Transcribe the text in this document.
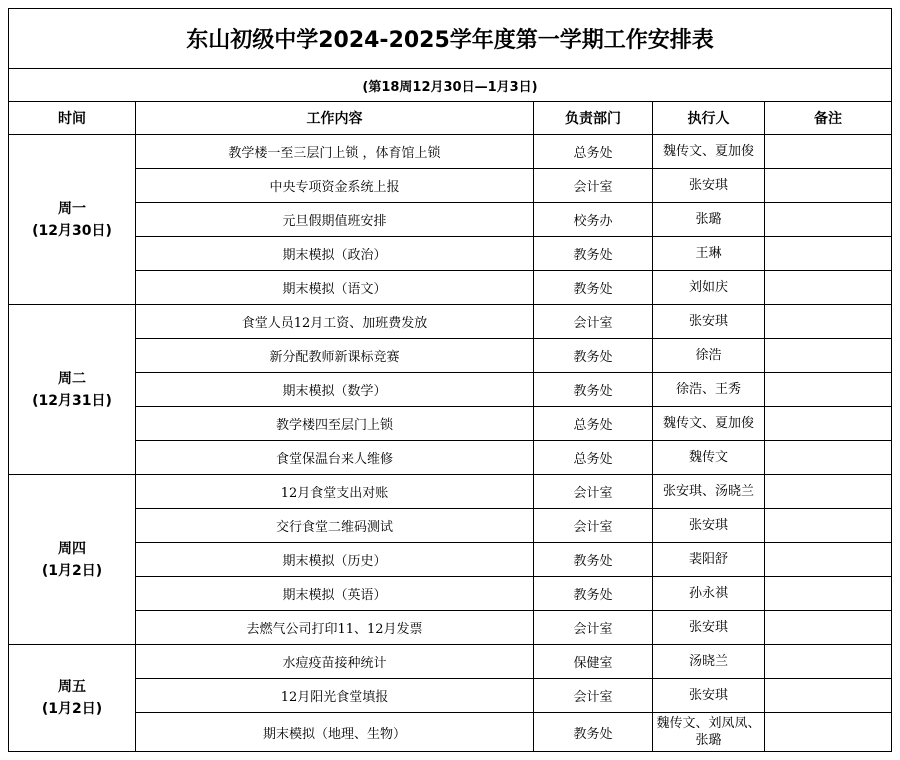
东山初级中学2024-2025学年度第一学期工作安排表				
(第18周12月30日—1月3日)				
时间	工作内容	负责部门	执行人	备注

周一
(12月30日)	教学楼一至三层门上锁 ，体育馆上锁	总务处	魏传文、夏加俊	
	中央专项资金系统上报	会计室	张安琪	
	元旦假期值班安排	校务办	张璐	
	期末模拟（政治）	教务处	王琳	
	期末模拟（语文）	教务处	刘如庆	

周二
(12月31日)	食堂人员12月工资、加班费发放	会计室	张安琪	
	新分配教师新课标竞赛	教务处	徐浩	
	期末模拟（数学）	教务处	徐浩、王秀	
	教学楼四至层门上锁	总务处	魏传文、夏加俊	
	食堂保温台来人维修	总务处	魏传文	

周四
(1月2日)	12月食堂支出对账	会计室	张安琪、汤晓兰	
	交行食堂二维码测试	会计室	张安琪	
	期末模拟（历史）	教务处	裴阳舒	
	期末模拟（英语）	教务处	孙永祺	
	去燃气公司打印11、12月发票	会计室	张安琪	

周五
(1月2日)	水痘疫苗接种统计	保健室	汤晓兰	
	12月阳光食堂填报	会计室	张安琪	
	期末模拟（地理、生物）	教务处	魏传文、刘凤凤、张璐	
